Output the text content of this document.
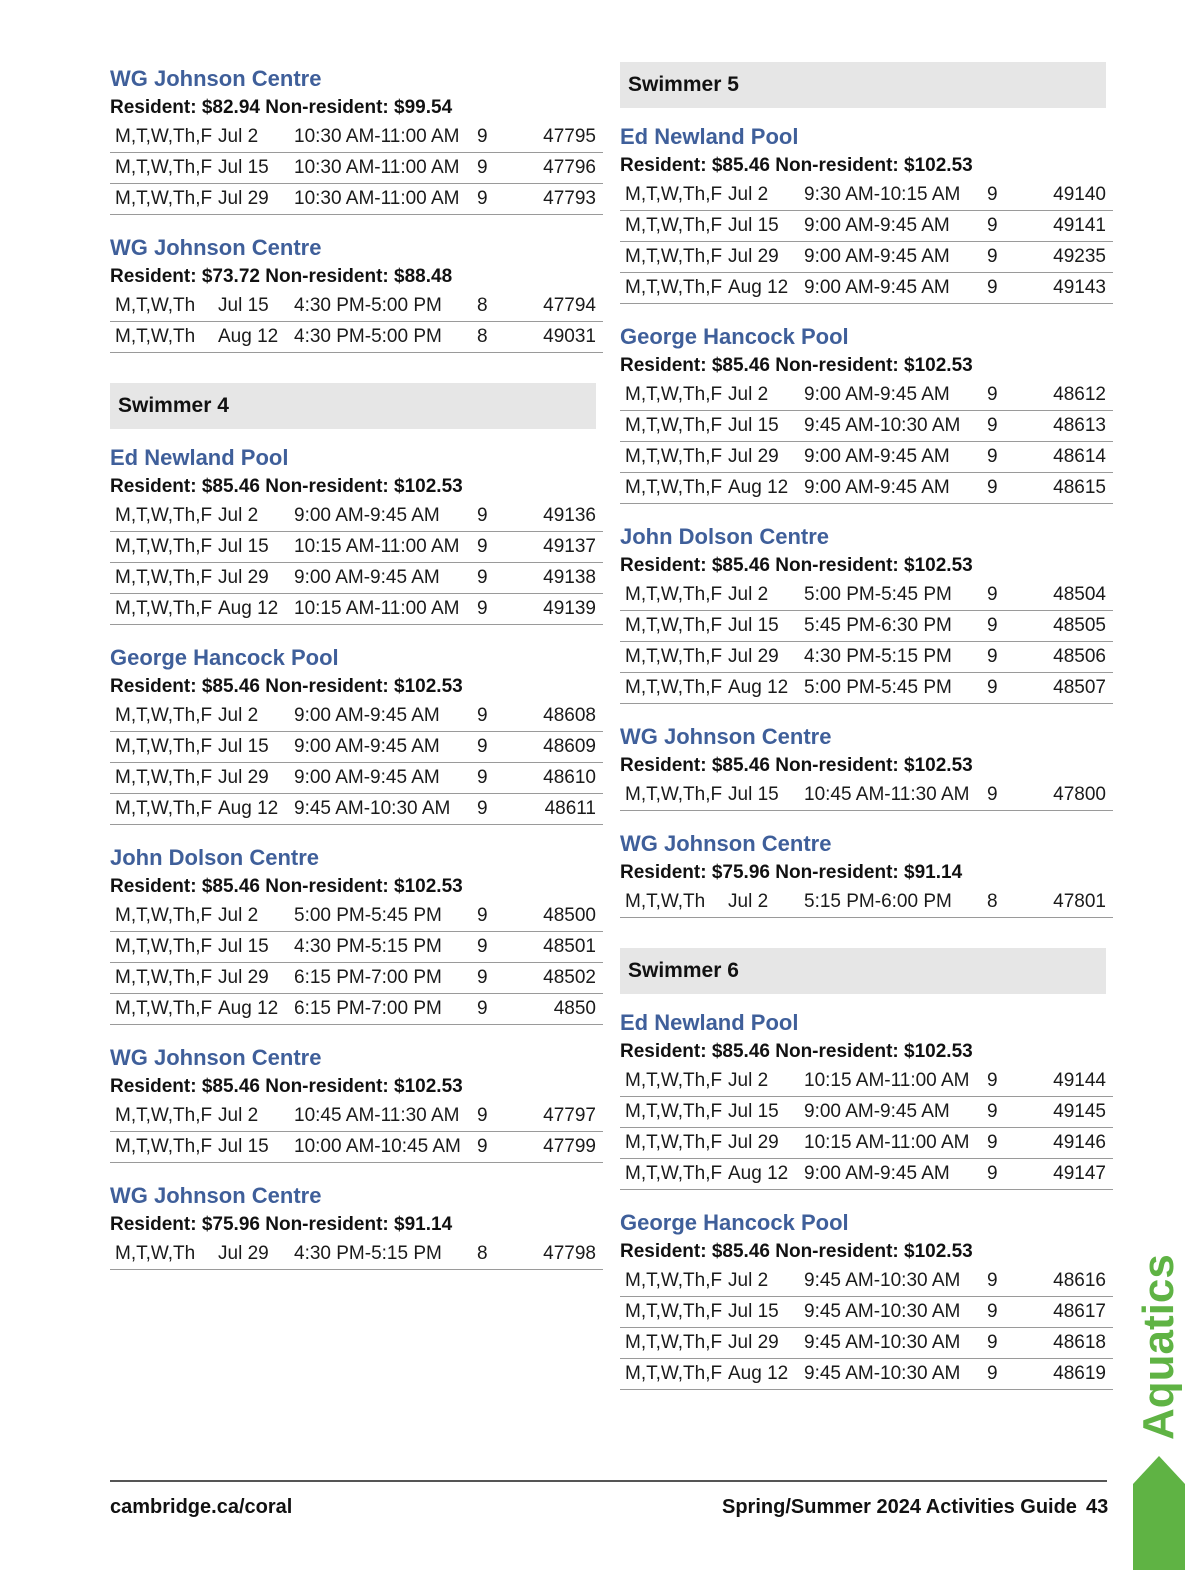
WG Johnson Centre
Resident: $82.94 Non-resident: $99.54
M,T,W,Th,F	Jul 2	10:30 AM-11:00 AM	9	47795
M,T,W,Th,F	Jul 15	10:30 AM-11:00 AM	9	47796
M,T,W,Th,F	Jul 29	10:30 AM-11:00 AM	9	47793
WG Johnson Centre
Resident: $73.72 Non-resident: $88.48
M,T,W,Th	Jul 15	4:30 PM-5:00 PM	8	47794
M,T,W,Th	Aug 12	4:30 PM-5:00 PM	8	49031
Swimmer 4
Ed Newland Pool
Resident: $85.46 Non-resident: $102.53
M,T,W,Th,F	Jul 2	9:00 AM-9:45 AM	9	49136
M,T,W,Th,F	Jul 15	10:15 AM-11:00 AM	9	49137
M,T,W,Th,F	Jul 29	9:00 AM-9:45 AM	9	49138
M,T,W,Th,F	Aug 12	10:15 AM-11:00 AM	9	49139
George Hancock Pool
Resident: $85.46 Non-resident: $102.53
M,T,W,Th,F	Jul 2	9:00 AM-9:45 AM	9	48608
M,T,W,Th,F	Jul 15	9:00 AM-9:45 AM	9	48609
M,T,W,Th,F	Jul 29	9:00 AM-9:45 AM	9	48610
M,T,W,Th,F	Aug 12	9:45 AM-10:30 AM	9	48611
John Dolson Centre
Resident: $85.46 Non-resident: $102.53
M,T,W,Th,F	Jul 2	5:00 PM-5:45 PM	9	48500
M,T,W,Th,F	Jul 15	4:30 PM-5:15 PM	9	48501
M,T,W,Th,F	Jul 29	6:15 PM-7:00 PM	9	48502
M,T,W,Th,F	Aug 12	6:15 PM-7:00 PM	9	4850
WG Johnson Centre
Resident: $85.46 Non-resident: $102.53
M,T,W,Th,F	Jul 2	10:45 AM-11:30 AM	9	47797
M,T,W,Th,F	Jul 15	10:00 AM-10:45 AM	9	47799
WG Johnson Centre
Resident: $75.96 Non-resident: $91.14
M,T,W,Th	Jul 29	4:30 PM-5:15 PM	8	47798
Swimmer 5
Ed Newland Pool
Resident: $85.46 Non-resident: $102.53
M,T,W,Th,F	Jul 2	9:30 AM-10:15 AM	9	49140
M,T,W,Th,F	Jul 15	9:00 AM-9:45 AM	9	49141
M,T,W,Th,F	Jul 29	9:00 AM-9:45 AM	9	49235
M,T,W,Th,F	Aug 12	9:00 AM-9:45 AM	9	49143
George Hancock Pool
Resident: $85.46 Non-resident: $102.53
M,T,W,Th,F	Jul 2	9:00 AM-9:45 AM	9	48612
M,T,W,Th,F	Jul 15	9:45 AM-10:30 AM	9	48613
M,T,W,Th,F	Jul 29	9:00 AM-9:45 AM	9	48614
M,T,W,Th,F	Aug 12	9:00 AM-9:45 AM	9	48615
John Dolson Centre
Resident: $85.46 Non-resident: $102.53
M,T,W,Th,F	Jul 2	5:00 PM-5:45 PM	9	48504
M,T,W,Th,F	Jul 15	5:45 PM-6:30 PM	9	48505
M,T,W,Th,F	Jul 29	4:30 PM-5:15 PM	9	48506
M,T,W,Th,F	Aug 12	5:00 PM-5:45 PM	9	48507
WG Johnson Centre
Resident: $85.46 Non-resident: $102.53
M,T,W,Th,F	Jul 15	10:45 AM-11:30 AM	9	47800
WG Johnson Centre
Resident: $75.96 Non-resident: $91.14
M,T,W,Th	Jul 2	5:15 PM-6:00 PM	8	47801
Swimmer 6
Ed Newland Pool
Resident: $85.46 Non-resident: $102.53
M,T,W,Th,F	Jul 2	10:15 AM-11:00 AM	9	49144
M,T,W,Th,F	Jul 15	9:00 AM-9:45 AM	9	49145
M,T,W,Th,F	Jul 29	10:15 AM-11:00 AM	9	49146
M,T,W,Th,F	Aug 12	9:00 AM-9:45 AM	9	49147
George Hancock Pool
Resident: $85.46 Non-resident: $102.53
M,T,W,Th,F	Jul 2	9:45 AM-10:30 AM	9	48616
M,T,W,Th,F	Jul 15	9:45 AM-10:30 AM	9	48617
M,T,W,Th,F	Jul 29	9:45 AM-10:30 AM	9	48618
M,T,W,Th,F	Aug 12	9:45 AM-10:30 AM	9	48619
cambridge.ca/coral	Spring/Summer 2024 Activities Guide 43
Aquatics
